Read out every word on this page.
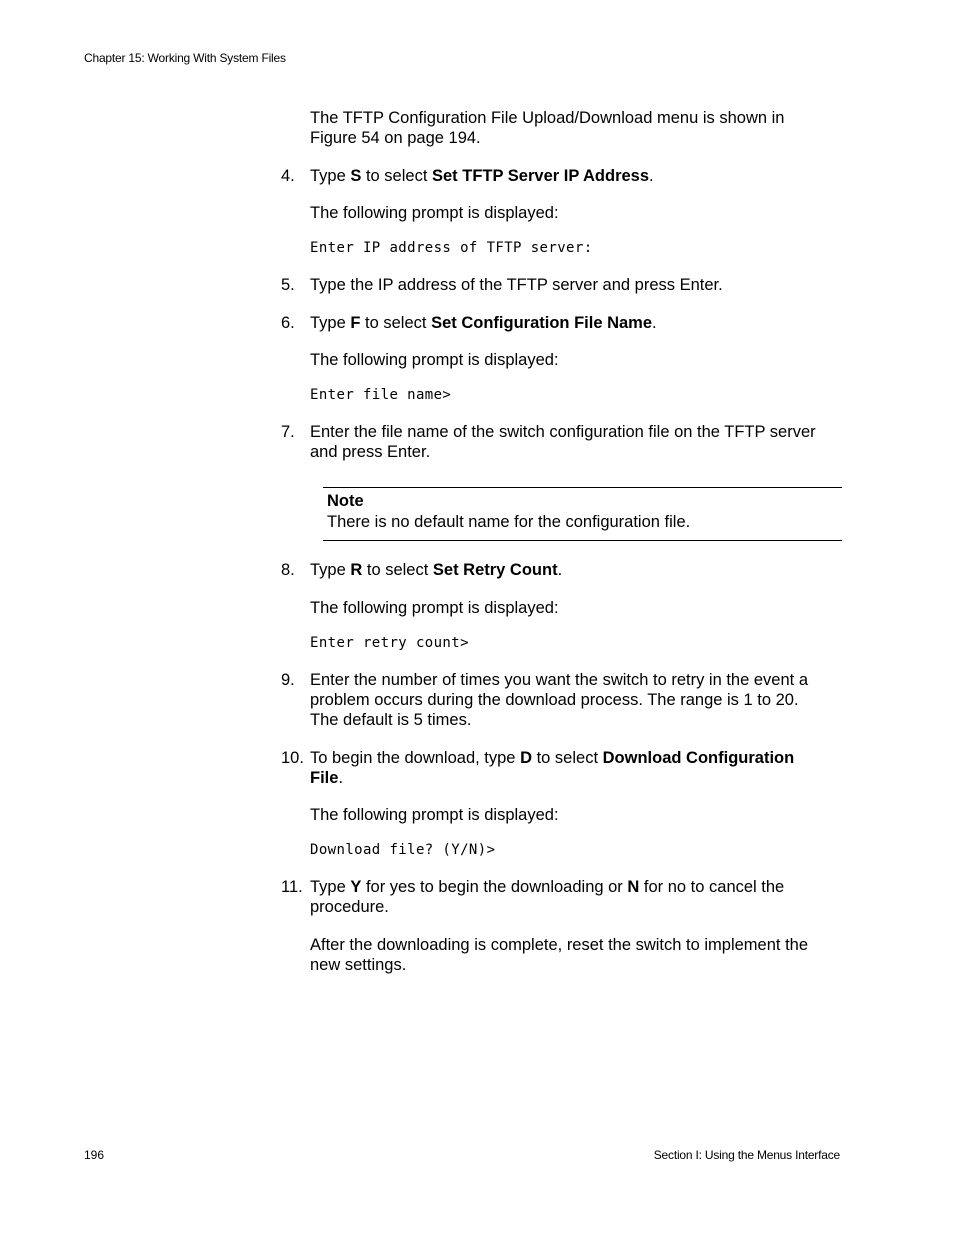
Chapter 15: Working With System Files
The TFTP Configuration File Upload/Download menu is shown in
Figure 54 on page 194.
4. Type S to select Set TFTP Server IP Address.
The following prompt is displayed:
Enter IP address of TFTP server:
5. Type the IP address of the TFTP server and press Enter.
6. Type F to select Set Configuration File Name.
The following prompt is displayed:
Enter file name>
7. Enter the file name of the switch configuration file on the TFTP server
and press Enter.
Note
There is no default name for the configuration file.
8. Type R to select Set Retry Count.
The following prompt is displayed:
Enter retry count>
9. Enter the number of times you want the switch to retry in the event a
problem occurs during the download process. The range is 1 to 20.
The default is 5 times.
10. To begin the download, type D to select Download Configuration
File.
The following prompt is displayed:
Download file? (Y/N)>
11. Type Y for yes to begin the downloading or N for no to cancel the
procedure.
After the downloading is complete, reset the switch to implement the
new settings.
196	Section I: Using the Menus Interface
